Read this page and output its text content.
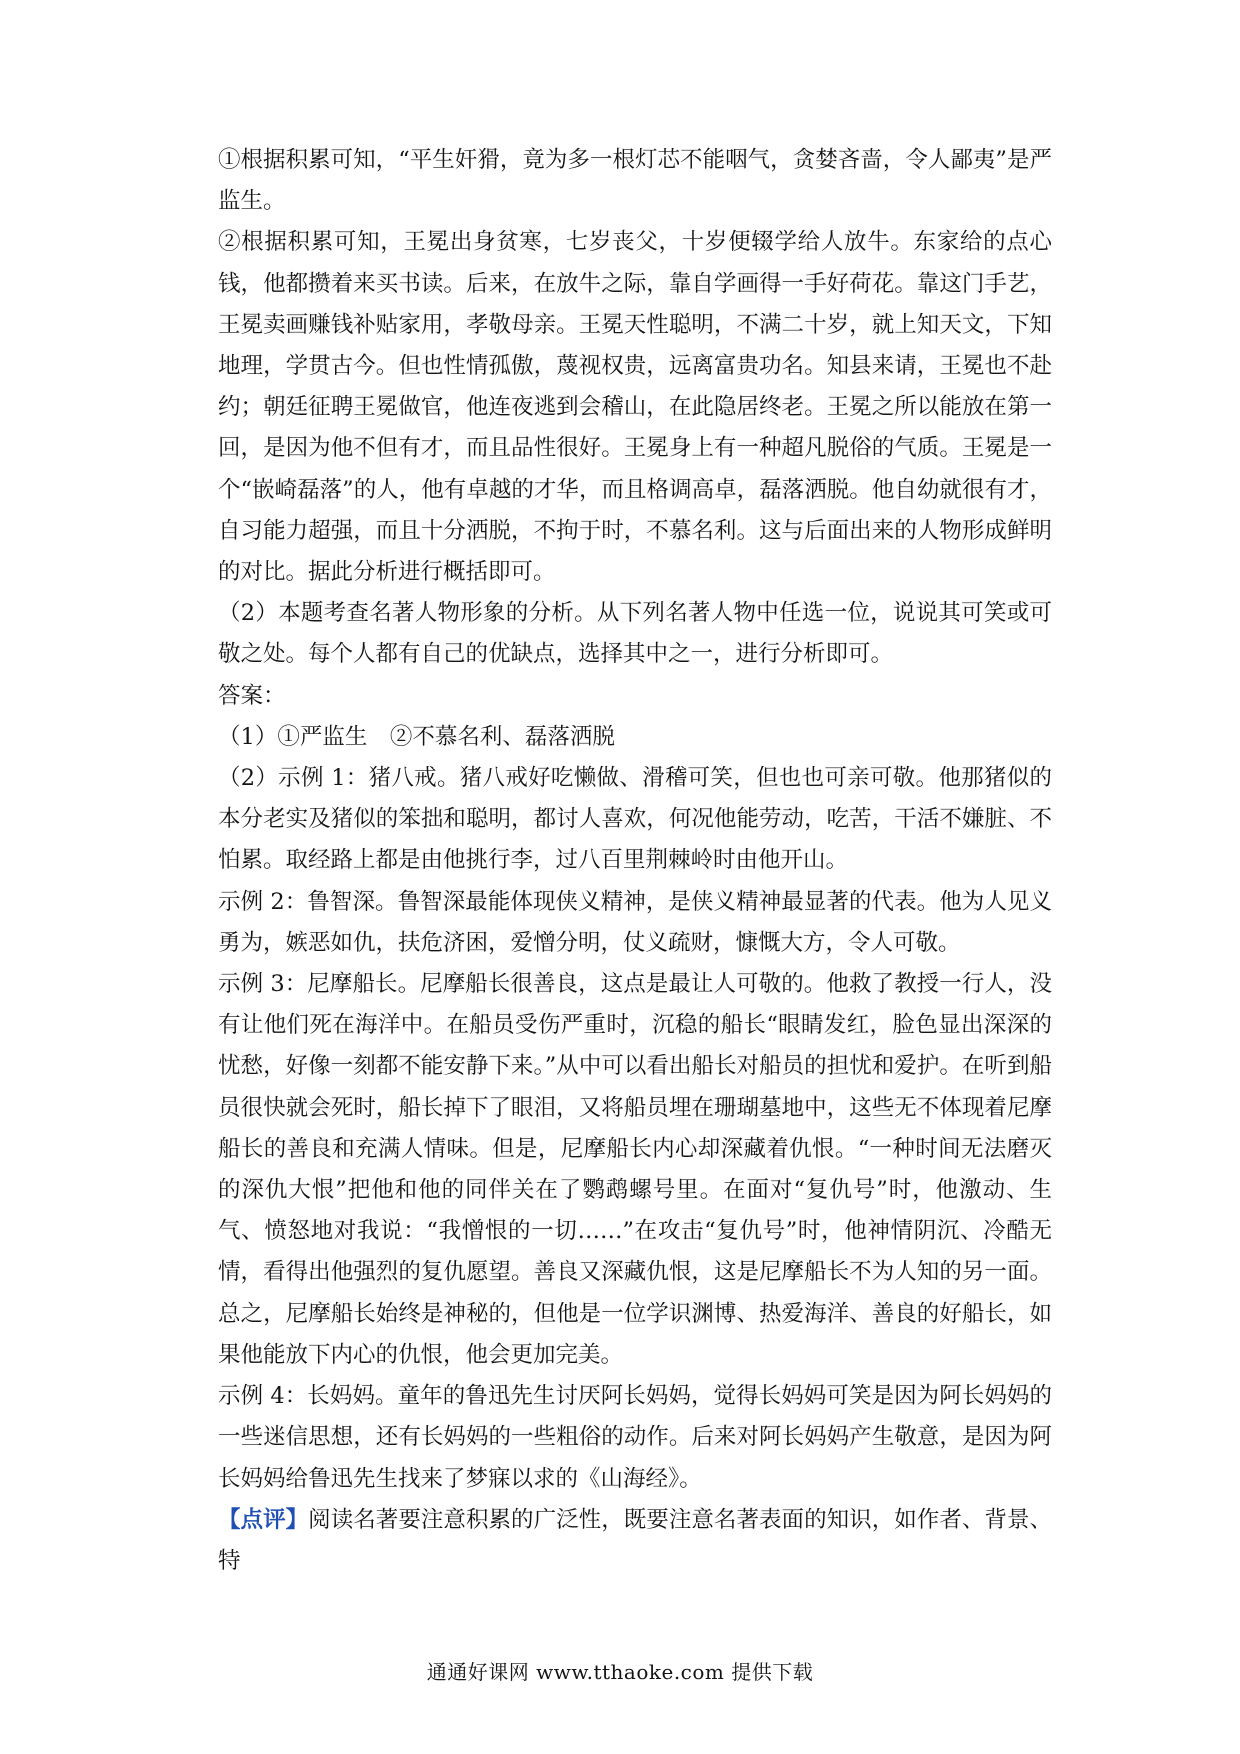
①根据积累可知，“平生奸猾，竟为多一根灯芯不能咽气，贪婪吝啬，令人鄙夷”是严监生。

②根据积累可知，王冕出身贫寒，七岁丧父，十岁便辍学给人放牛。东家给的点心钱，他都攒着来买书读。后来，在放牛之际，靠自学画得一手好荷花。靠这门手艺，王冕卖画赚钱补贴家用，孝敬母亲。王冕天性聪明，不满二十岁，就上知天文，下知地理，学贯古今。但也性情孤傲，蔑视权贵，远离富贵功名。知县来请，王冕也不赴约；朝廷征聘王冕做官，他连夜逃到会稽山，在此隐居终老。王冕之所以能放在第一回，是因为他不但有才，而且品性很好。王冕身上有一种超凡脱俗的气质。王冕是一个“嵌崎磊落”的人，他有卓越的才华，而且格调高卓，磊落洒脱。他自幼就很有才，自习能力超强，而且十分洒脱，不拘于时，不慕名利。这与后面出来的人物形成鲜明的对比。据此分析进行概括即可。

（2）本题考查名著人物形象的分析。从下列名著人物中任选一位，说说其可笑或可敬之处。每个人都有自己的优缺点，选择其中之一，进行分析即可。

答案：

（1）①严监生　②不慕名利、磊落洒脱

（2）示例 1：猪八戒。猪八戒好吃懒做、滑稽可笑，但也也可亲可敬。他那猪似的本分老实及猪似的笨拙和聪明，都讨人喜欢，何况他能劳动，吃苦，干活不嫌脏、不怕累。取经路上都是由他挑行李，过八百里荆棘岭时由他开山。

示例 2：鲁智深。鲁智深最能体现侠义精神，是侠义精神最显著的代表。他为人见义勇为，嫉恶如仇，扶危济困，爱憎分明，仗义疏财，慷慨大方，令人可敬。

示例 3：尼摩船长。尼摩船长很善良，这点是最让人可敬的。他救了教授一行人，没有让他们死在海洋中。在船员受伤严重时，沉稳的船长“眼睛发红，脸色显出深深的忧愁，好像一刻都不能安静下来。”从中可以看出船长对船员的担忧和爱护。在听到船员很快就会死时，船长掉下了眼泪，又将船员埋在珊瑚墓地中，这些无不体现着尼摩船长的善良和充满人情味。但是，尼摩船长内心却深藏着仇恨。“一种时间无法磨灭的深仇大恨”把他和他的同伴关在了鹦鹉螺号里。在面对“复仇号”时，他激动、生气、愤怒地对我说：“我憎恨的一切……”在攻击“复仇号”时，他神情阴沉、冷酷无情，看得出他强烈的复仇愿望。善良又深藏仇恨，这是尼摩船长不为人知的另一面。总之，尼摩船长始终是神秘的，但他是一位学识渊博、热爱海洋、善良的好船长，如果他能放下内心的仇恨，他会更加完美。

示例 4：长妈妈。童年的鲁迅先生讨厌阿长妈妈，觉得长妈妈可笑是因为阿长妈妈的一些迷信思想，还有长妈妈的一些粗俗的动作。后来对阿长妈妈产生敬意，是因为阿长妈妈给鲁迅先生找来了梦寐以求的《山海经》。

【点评】阅读名著要注意积累的广泛性，既要注意名著表面的知识，如作者、背景、特

通通好课网 www.tthaoke.com 提供下载
